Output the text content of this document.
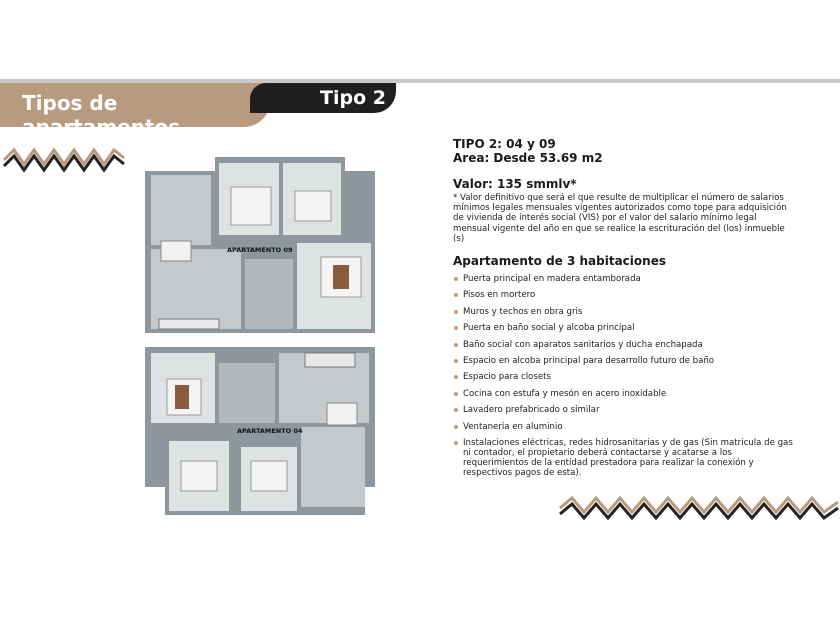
Tipos de apartamentos
Tipo 2
APARTAMENTO 09
APARTAMENTO 04
TIPO 2: 04 y 09
Area: Desde 53.69 m2
Valor: 135 smmlv*
* Valor definitivo que será el que resulte de multiplicar el número de salarios mínimos legales mensuales vigentes autorizados como tope para adquisición de vivienda de interés social (VIS) por el valor del salario mínimo legal mensual vigente del año en que se realice la escrituración del (los) inmueble (s)
Apartamento de 3 habitaciones
Puerta principal en madera entamborada
Pisos en mortero
Muros y techos en obra gris
Puerta en baño social y alcoba principal
Baño social con aparatos sanitarios y ducha enchapada
Espacio en alcoba principal para desarrollo futuro de baño
Espacio para closets
Cocina con estufa y mesón en acero inoxidable
Lavadero prefabricado o similar
Ventanería en aluminio
Instalaciones eléctricas, redes hidrosanitarias y de gas (Sin matricula de gas ni contador, el propietario deberá contactarse y acatarse a los requerimientos de la entidad prestadora para realizar la conexión y respectivos pagos de esta).
